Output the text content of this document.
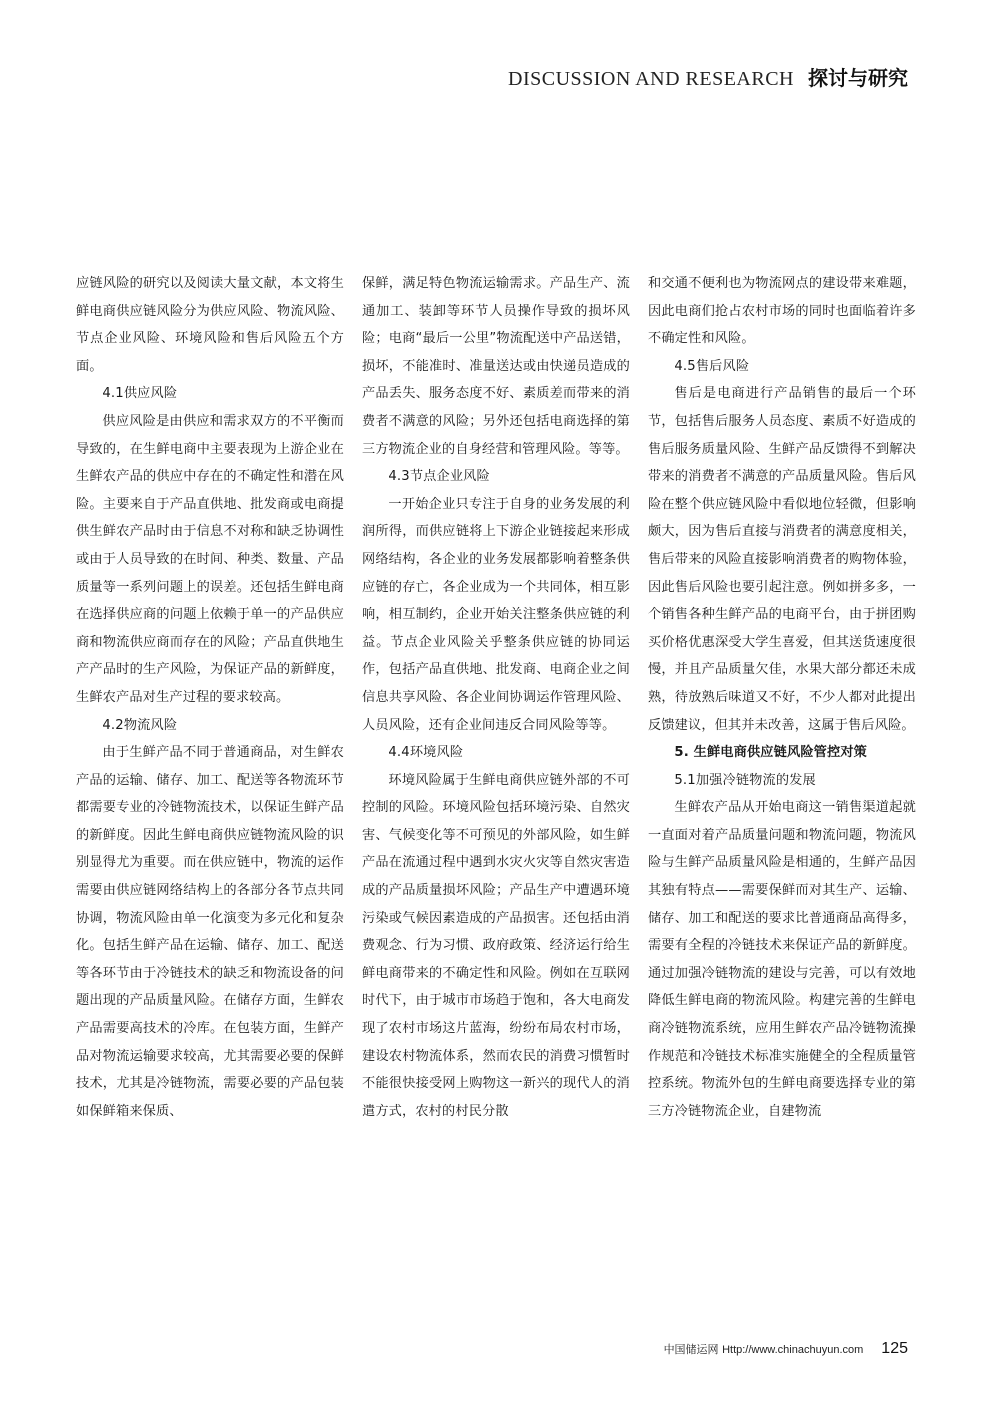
DISCUSSION AND RESEARCH 探讨与研究

应链风险的研究以及阅读大量文献，本文将生鲜电商供应链风险分为供应风险、物流风险、节点企业风险、环境风险和售后风险五个方面。

4.1供应风险

供应风险是由供应和需求双方的不平衡而导致的，在生鲜电商中主要表现为上游企业在生鲜农产品的供应中存在的不确定性和潜在风险。主要来自于产品直供地、批发商或电商提供生鲜农产品时由于信息不对称和缺乏协调性或由于人员导致的在时间、种类、数量、产品质量等一系列问题上的误差。还包括生鲜电商在选择供应商的问题上依赖于单一的产品供应商和物流供应商而存在的风险；产品直供地生产产品时的生产风险，为保证产品的新鲜度，生鲜农产品对生产过程的要求较高。

4.2物流风险

由于生鲜产品不同于普通商品，对生鲜农产品的运输、储存、加工、配送等各物流环节都需要专业的冷链物流技术，以保证生鲜产品的新鲜度。因此生鲜电商供应链物流风险的识别显得尤为重要。而在供应链中，物流的运作需要由供应链网络结构上的各部分各节点共同协调，物流风险由单一化演变为多元化和复杂化。包括生鲜产品在运输、储存、加工、配送等各环节由于冷链技术的缺乏和物流设备的问题出现的产品质量风险。在储存方面，生鲜农产品需要高技术的冷库。在包装方面，生鲜产品对物流运输要求较高，尤其需要必要的保鲜技术，尤其是冷链物流，需要必要的产品包装如保鲜箱来保质、

保鲜，满足特色物流运输需求。产品生产、流通加工、装卸等环节人员操作导致的损坏风险；电商“最后一公里”物流配送中产品送错，损坏，不能准时、准量送达或由快递员造成的产品丢失、服务态度不好、素质差而带来的消费者不满意的风险；另外还包括电商选择的第三方物流企业的自身经营和管理风险。等等。

4.3节点企业风险

一开始企业只专注于自身的业务发展的利润所得，而供应链将上下游企业链接起来形成网络结构，各企业的业务发展都影响着整条供应链的存亡，各企业成为一个共同体，相互影响，相互制约，企业开始关注整条供应链的利益。节点企业风险关乎整条供应链的协同运作，包括产品直供地、批发商、电商企业之间信息共享风险、各企业间协调运作管理风险、人员风险，还有企业间违反合同风险等等。

4.4环境风险

环境风险属于生鲜电商供应链外部的不可控制的风险。环境风险包括环境污染、自然灾害、气候变化等不可预见的外部风险，如生鲜产品在流通过程中遇到水灾火灾等自然灾害造成的产品质量损坏风险；产品生产中遭遇环境污染或气候因素造成的产品损害。还包括由消费观念、行为习惯、政府政策、经济运行给生鲜电商带来的不确定性和风险。例如在互联网时代下，由于城市市场趋于饱和，各大电商发现了农村市场这片蓝海，纷纷布局农村市场，建设农村物流体系，然而农民的消费习惯暂时不能很快接受网上购物这一新兴的现代人的消遣方式，农村的村民分散

和交通不便利也为物流网点的建设带来难题，因此电商们抢占农村市场的同时也面临着许多不确定性和风险。

4.5售后风险

售后是电商进行产品销售的最后一个环节，包括售后服务人员态度、素质不好造成的售后服务质量风险、生鲜产品反馈得不到解决带来的消费者不满意的产品质量风险。售后风险在整个供应链风险中看似地位轻微，但影响颇大，因为售后直接与消费者的满意度相关，售后带来的风险直接影响消费者的购物体验，因此售后风险也要引起注意。例如拼多多，一个销售各种生鲜产品的电商平台，由于拼团购买价格优惠深受大学生喜爱，但其送货速度很慢，并且产品质量欠佳，水果大部分都还未成熟，待放熟后味道又不好，不少人都对此提出反馈建议，但其并未改善，这属于售后风险。

5. 生鲜电商供应链风险管控对策

5.1加强冷链物流的发展

生鲜农产品从开始电商这一销售渠道起就一直面对着产品质量问题和物流问题，物流风险与生鲜产品质量风险是相通的，生鲜产品因其独有特点——需要保鲜而对其生产、运输、储存、加工和配送的要求比普通商品高得多，需要有全程的冷链技术来保证产品的新鲜度。通过加强冷链物流的建设与完善，可以有效地降低生鲜电商的物流风险。构建完善的生鲜电商冷链物流系统，应用生鲜农产品冷链物流操作规范和冷链技术标准实施健全的全程质量管控系统。物流外包的生鲜电商要选择专业的第三方冷链物流企业，自建物流

中国储运网 Http://www.chinachuyun.com 125
